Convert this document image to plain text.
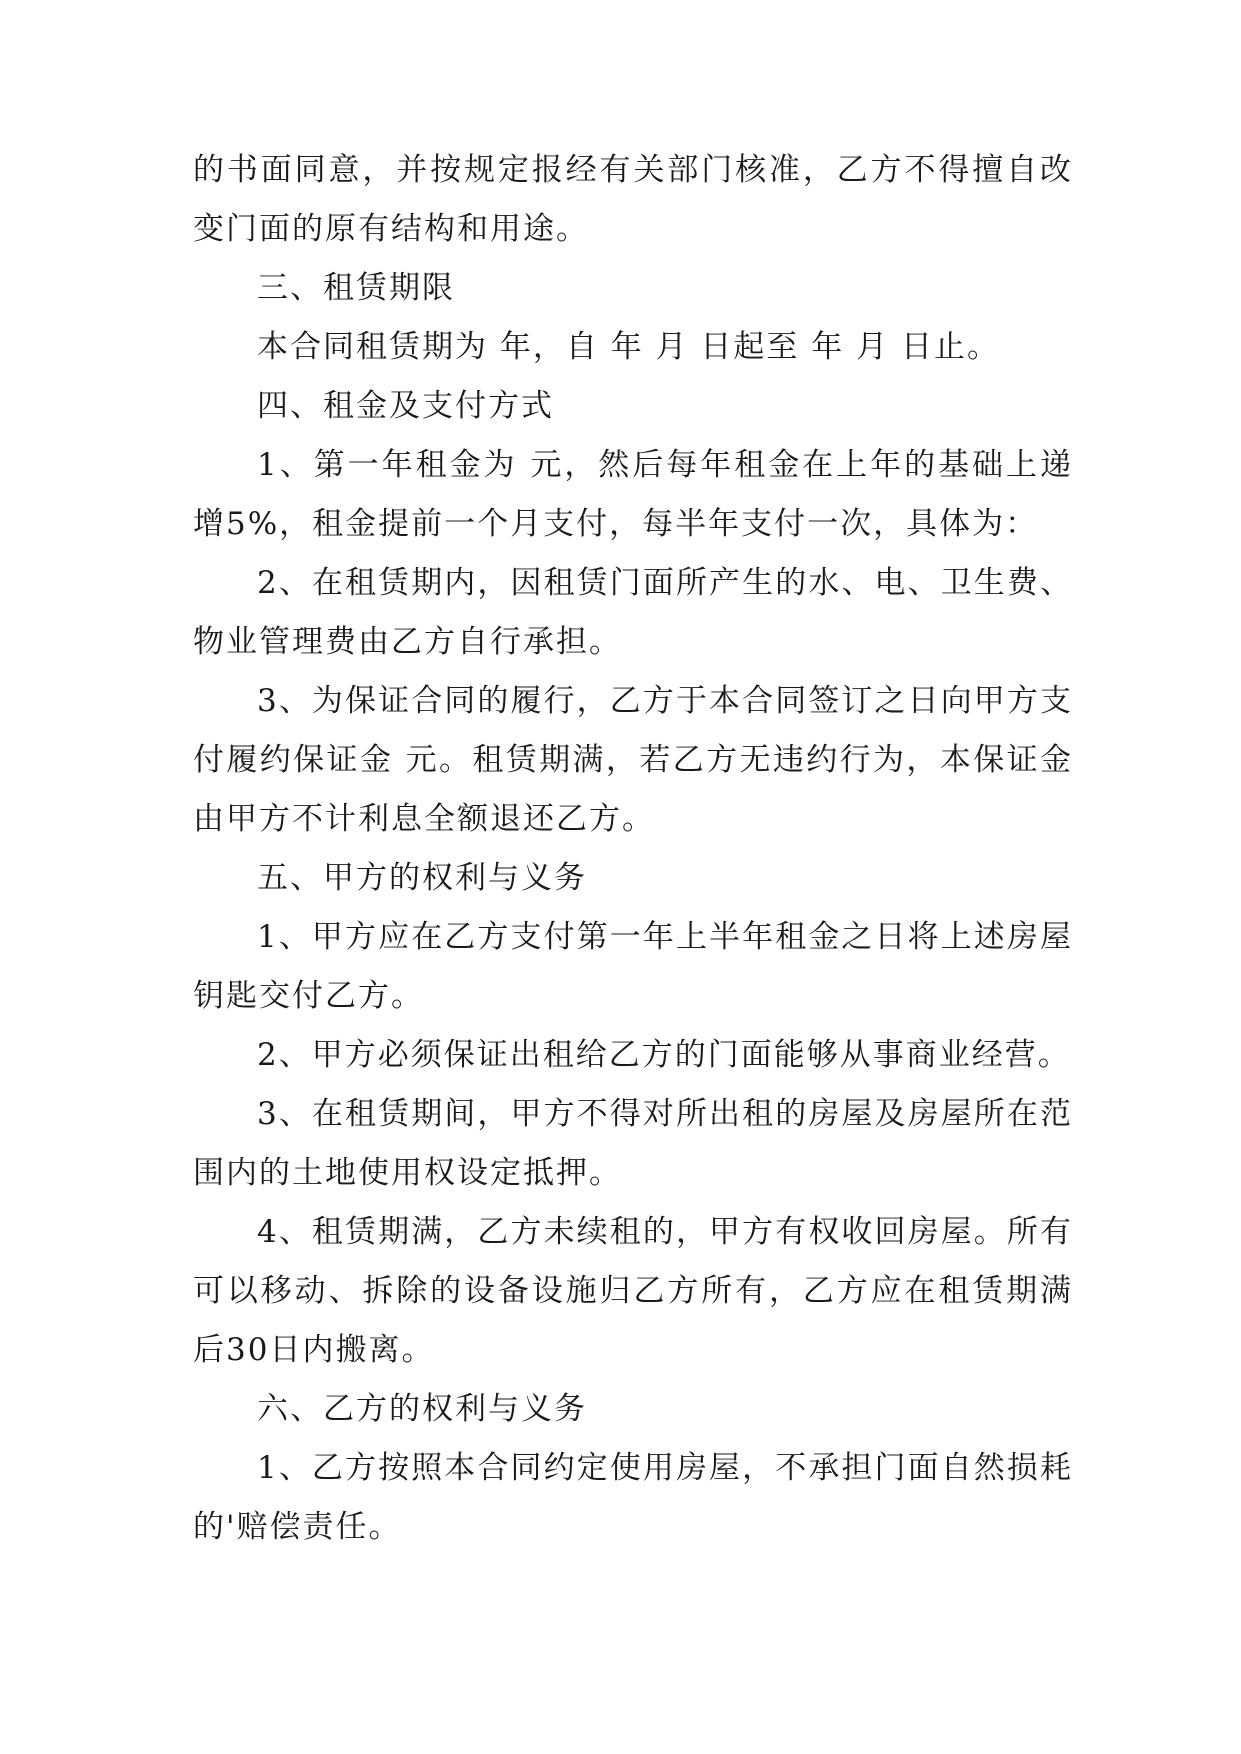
的书面同意，并按规定报经有关部门核准，乙方不得擅自改变门面的原有结构和用途。

三、租赁期限

本合同租赁期为 年，自 年 月 日起至 年 月 日止。

四、租金及支付方式

1、第一年租金为 元，然后每年租金在上年的基础上递增5%，租金提前一个月支付，每半年支付一次，具体为：

2、在租赁期内，因租赁门面所产生的水、电、卫生费、物业管理费由乙方自行承担。

3、为保证合同的履行，乙方于本合同签订之日向甲方支付履约保证金 元。租赁期满，若乙方无违约行为，本保证金由甲方不计利息全额退还乙方。

五、甲方的权利与义务

1、甲方应在乙方支付第一年上半年租金之日将上述房屋钥匙交付乙方。

2、甲方必须保证出租给乙方的门面能够从事商业经营。

3、在租赁期间，甲方不得对所出租的房屋及房屋所在范围内的土地使用权设定抵押。

4、租赁期满，乙方未续租的，甲方有权收回房屋。所有可以移动、拆除的设备设施归乙方所有，乙方应在租赁期满后30日内搬离。

六、乙方的权利与义务

1、乙方按照本合同约定使用房屋，不承担门面自然损耗的'赔偿责任。
